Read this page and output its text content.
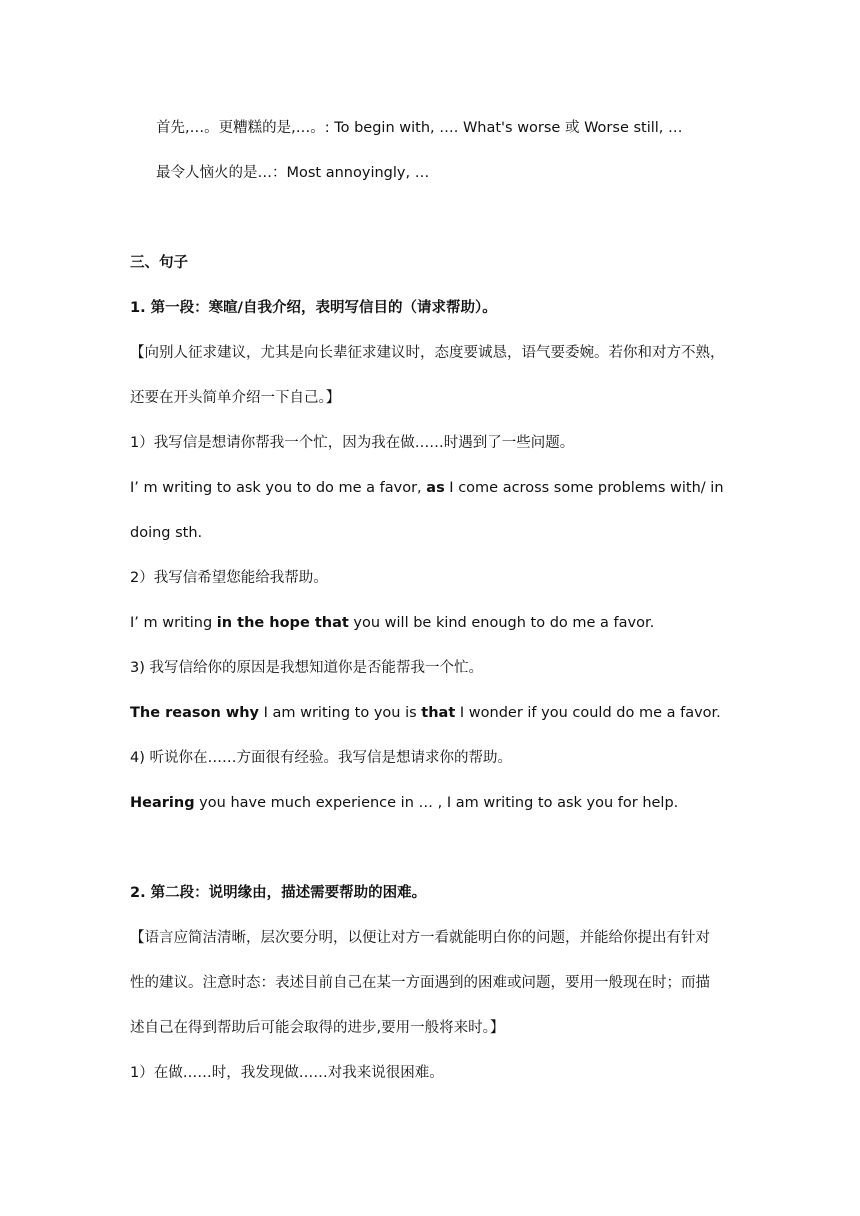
首先,…。更糟糕的是,…。: To begin with, …. What's worse 或 Worse still, …
最令人恼火的是…：Most annoyingly, …
三、句子
1. 第一段：寒暄/自我介绍，表明写信目的（请求帮助）。
【向别人征求建议，尤其是向长辈征求建议时，态度要诚恳，语气要委婉。若你和对方不熟，
还要在开头简单介绍一下自己。】
1）我写信是想请你帮我一个忙，因为我在做……时遇到了一些问题。
I’ m writing to ask you to do me a favor, as I come across some problems with/ in
doing sth.
2）我写信希望您能给我帮助。
I’ m writing in the hope that you will be kind enough to do me a favor.
3) 我写信给你的原因是我想知道你是否能帮我一个忙。
The reason why I am writing to you is that I wonder if you could do me a favor.
4) 听说你在……方面很有经验。我写信是想请求你的帮助。
Hearing you have much experience in … , I am writing to ask you for help.
2. 第二段：说明缘由，描述需要帮助的困难。
【语言应简洁清晰，层次要分明，以便让对方一看就能明白你的问题，并能给你提出有针对
性的建议。注意时态：表述目前自己在某一方面遇到的困难或问题，要用一般现在时；而描
述自己在得到帮助后可能会取得的进步,要用一般将来时。】
1）在做……时，我发现做……对我来说很困难。
